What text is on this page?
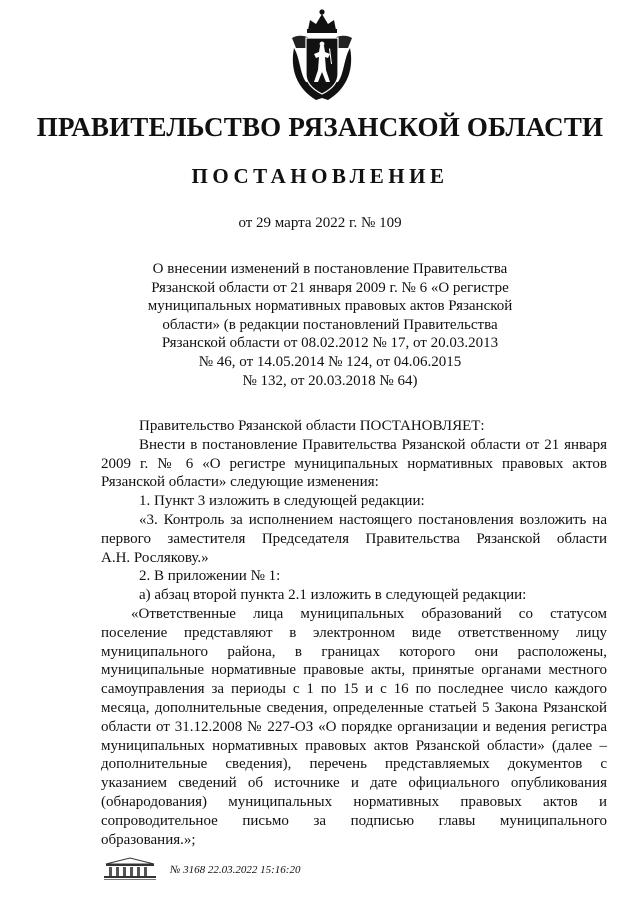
ПРАВИТЕЛЬСТВО РЯЗАНСКОЙ ОБЛАСТИ
ПОСТАНОВЛЕНИЕ
от 29 марта 2022 г. № 109
О внесении изменений в постановление Правительства
Рязанской области от 21 января 2009 г. № 6 «О регистре
муниципальных нормативных правовых актов Рязанской
области» (в редакции постановлений Правительства
Рязанской области от 08.02.2012 № 17, от 20.03.2013
№ 46, от 14.05.2014 № 124, от 04.06.2015
№ 132, от 20.03.2018 № 64)
Правительство Рязанской области ПОСТАНОВЛЯЕТ:
Внести в постановление Правительства Рязанской области от 21 января
2009 г. № 6 «О регистре муниципальных нормативных правовых актов
Рязанской области» следующие изменения:
1. Пункт 3 изложить в следующей редакции:
«3. Контроль за исполнением настоящего постановления возложить на
первого заместителя Председателя Правительства Рязанской области
А.Н. Рослякову.»
2. В приложении № 1:
а) абзац второй пункта 2.1 изложить в следующей редакции:
«Ответственные лица муниципальных образований со статусом
поселение представляют в электронном виде ответственному лицу
муниципального района, в границах которого они расположены,
муниципальные нормативные правовые акты, принятые органами местного
самоуправления за периоды с 1 по 15 и с 16 по последнее число каждого
месяца, дополнительные сведения, определенные статьей 5 Закона Рязанской
области от 31.12.2008 № 227-ОЗ «О порядке организации и ведения регистра
муниципальных нормативных правовых актов Рязанской области» (далее –
дополнительные сведения), перечень представляемых документов с
указанием сведений об источнике и дате официального опубликования
(обнародования) муниципальных нормативных правовых актов и
сопроводительное письмо за подписью главы муниципального
образования.»;
№ 3168 22.03.2022 15:16:20
